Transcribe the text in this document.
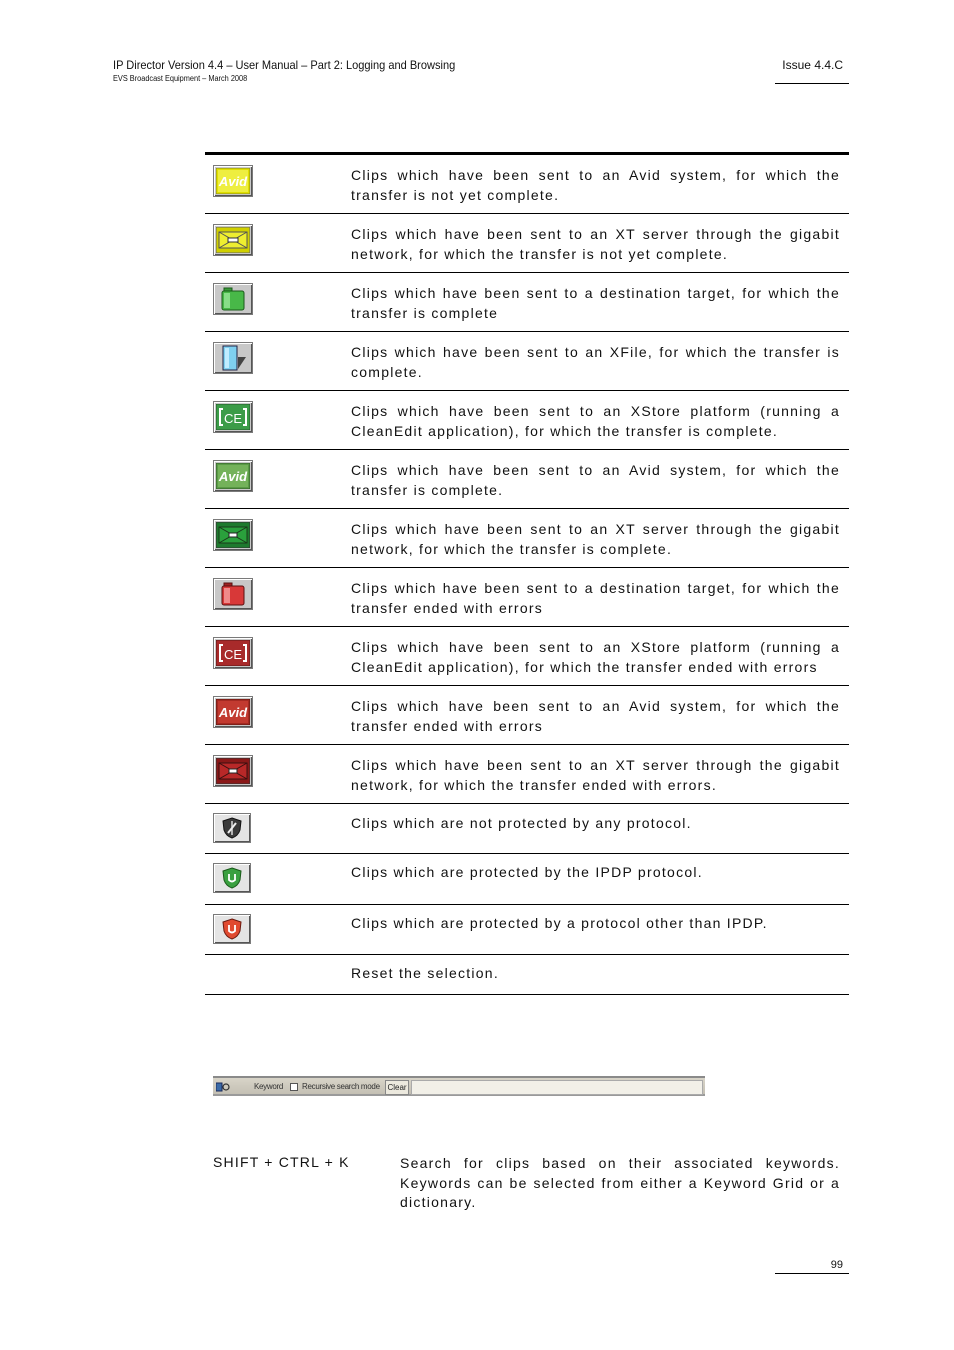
IP Director Version 4.4 – User Manual – Part 2: Logging and Browsing
EVS Broadcast Equipment – March 2008
Issue 4.4.C
Avid	Clips which have been sent to an Avid system, for which the transfer is not yet complete.
Clips which have been sent to an XT server through the gigabit network, for which the transfer is not yet complete.
Clips which have been sent to a destination target, for which the transfer is complete
Clips which have been sent to an XFile, for which the transfer is complete.
CE	Clips which have been sent to an XStore platform (running a CleanEdit application), for which the transfer is complete.
Avid	Clips which have been sent to an Avid system, for which the transfer is complete.
Clips which have been sent to an XT server through the gigabit network, for which the transfer is complete.
Clips which have been sent to a destination target, for which the transfer ended with errors
CE	Clips which have been sent to an XStore platform (running a CleanEdit application), for which the transfer ended with errors
Avid	Clips which have been sent to an Avid system, for which the transfer ended with errors
Clips which have been sent to an XT server through the gigabit network, for which the transfer ended with errors.
Clips which are not protected by any protocol.
Clips which are protected by the IPDP protocol.
Clips which are protected by a protocol other than IPDP.
Reset the selection.
Keyword Recursive search mode Clear
SHIFT + CTRL + K	Search for clips based on their associated keywords. Keywords can be selected from either a Keyword Grid or a dictionary.
99
